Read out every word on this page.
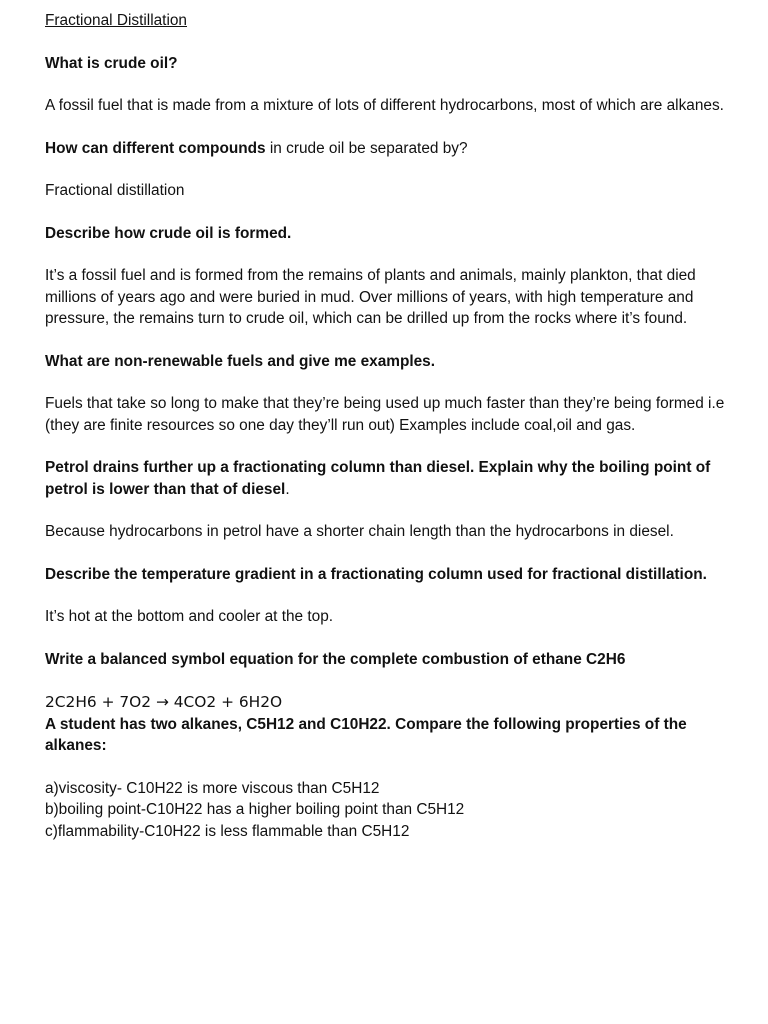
Fractional Distillation

What is crude oil?

A fossil fuel that is made from a mixture of lots of different hydrocarbons, most of which are alkanes.

How can different compounds in crude oil be separated by?

Fractional distillation

Describe how crude oil is formed.

It’s a fossil fuel and is formed from the remains of plants and animals, mainly plankton, that died millions of years ago and were buried in mud. Over millions of years, with high temperature and pressure, the remains turn to crude oil, which can be drilled up from the rocks where it’s found.

What are non-renewable fuels and give me examples.

Fuels that take so long to make that they’re being used up much faster than they’re being formed i.e (they are finite resources so one day they’ll run out) Examples include coal,oil and gas.

Petrol drains further up a fractionating column than diesel. Explain why the boiling point of petrol is lower than that of diesel.

Because hydrocarbons in petrol have a shorter chain length than the hydrocarbons in diesel.

Describe the temperature gradient in a fractionating column used for fractional distillation.

It’s hot at the bottom and cooler at the top.

Write a balanced symbol equation for the complete combustion of ethane C2H6

2C2H6 + 7O2 → 4CO2 + 6H2O

A student has two alkanes, C5H12 and C10H22. Compare the following properties of the alkanes:

a)viscosity- C10H22 is more viscous than C5H12

b)boiling point-C10H22 has a higher boiling point than C5H12

c)flammability-C10H22 is less flammable than C5H12
